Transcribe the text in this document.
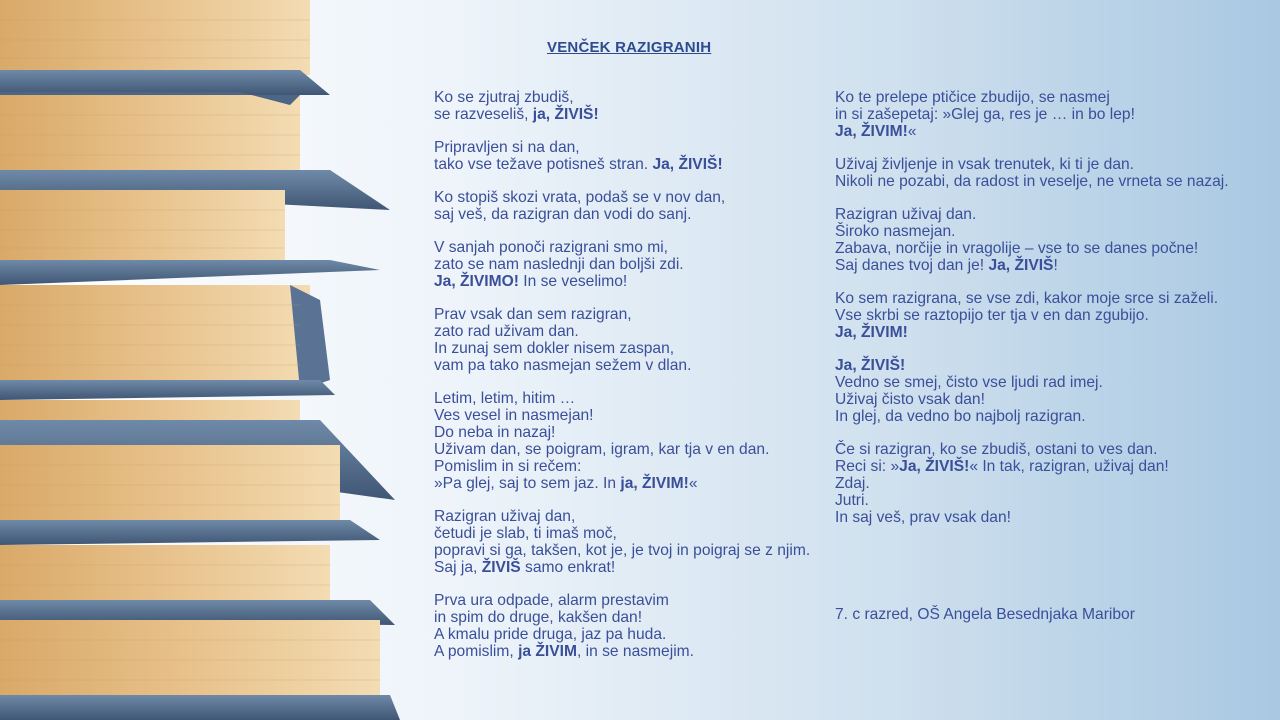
VENČEK RAZIGRANIH

Ko se zjutraj zbudiš,
se razveseliš, ja, ŽIVIŠ!

Pripravljen si na dan,
tako vse težave potisneš stran. Ja, ŽIVIŠ!

Ko stopiš skozi vrata, podaš se v nov dan,
saj veš, da razigran dan vodi do sanj.

V sanjah ponoči razigrani smo mi,
zato se nam naslednji dan boljši zdi.
Ja, ŽIVIMO! In se veselimo!

Prav vsak dan sem razigran,
zato rad uživam dan.
In zunaj sem dokler nisem zaspan,
vam pa tako nasmejan sežem v dlan.

Letim, letim, hitim …
Ves vesel in nasmejan!
Do neba in nazaj!
Uživam dan, se poigram, igram, kar tja v en dan.
Pomislim in si rečem:
»Pa glej, saj to sem jaz. In ja, ŽIVIM!«

Razigran uživaj dan,
četudi je slab, ti imaš moč,
popravi si ga, takšen, kot je, je tvoj in poigraj se z njim.
Saj ja, ŽIVIŠ samo enkrat!

Prva ura odpade, alarm prestavim
in spim do druge, kakšen dan!
A kmalu pride druga, jaz pa huda.
A pomislim, ja ŽIVIM, in se nasmejim.

Ko te prelepe ptičice zbudijo, se nasmej
in si zašepetaj: »Glej ga, res je … in bo lep!
Ja, ŽIVIM!«

Uživaj življenje in vsak trenutek, ki ti je dan.
Nikoli ne pozabi, da radost in veselje, ne vrneta se nazaj.

Razigran uživaj dan.
Široko nasmejan.
Zabava, norčije in vragolije – vse to se danes počne!
Saj danes tvoj dan je! Ja, ŽIVIŠ!

Ko sem razigrana, se vse zdi, kakor moje srce si zaželi.
Vse skrbi se raztopijo ter tja v en dan zgubijo.
Ja, ŽIVIM!

Ja, ŽIVIŠ!
Vedno se smej, čisto vse ljudi rad imej.
Uživaj čisto vsak dan!
In glej, da vedno bo najbolj razigran.

Če si razigran, ko se zbudiš, ostani to ves dan.
Reci si: »Ja, ŽIVIŠ!« In tak, razigran, uživaj dan!
Zdaj.
Jutri.
In saj veš, prav vsak dan!

7. c razred, OŠ Angela Besednjaka Maribor
